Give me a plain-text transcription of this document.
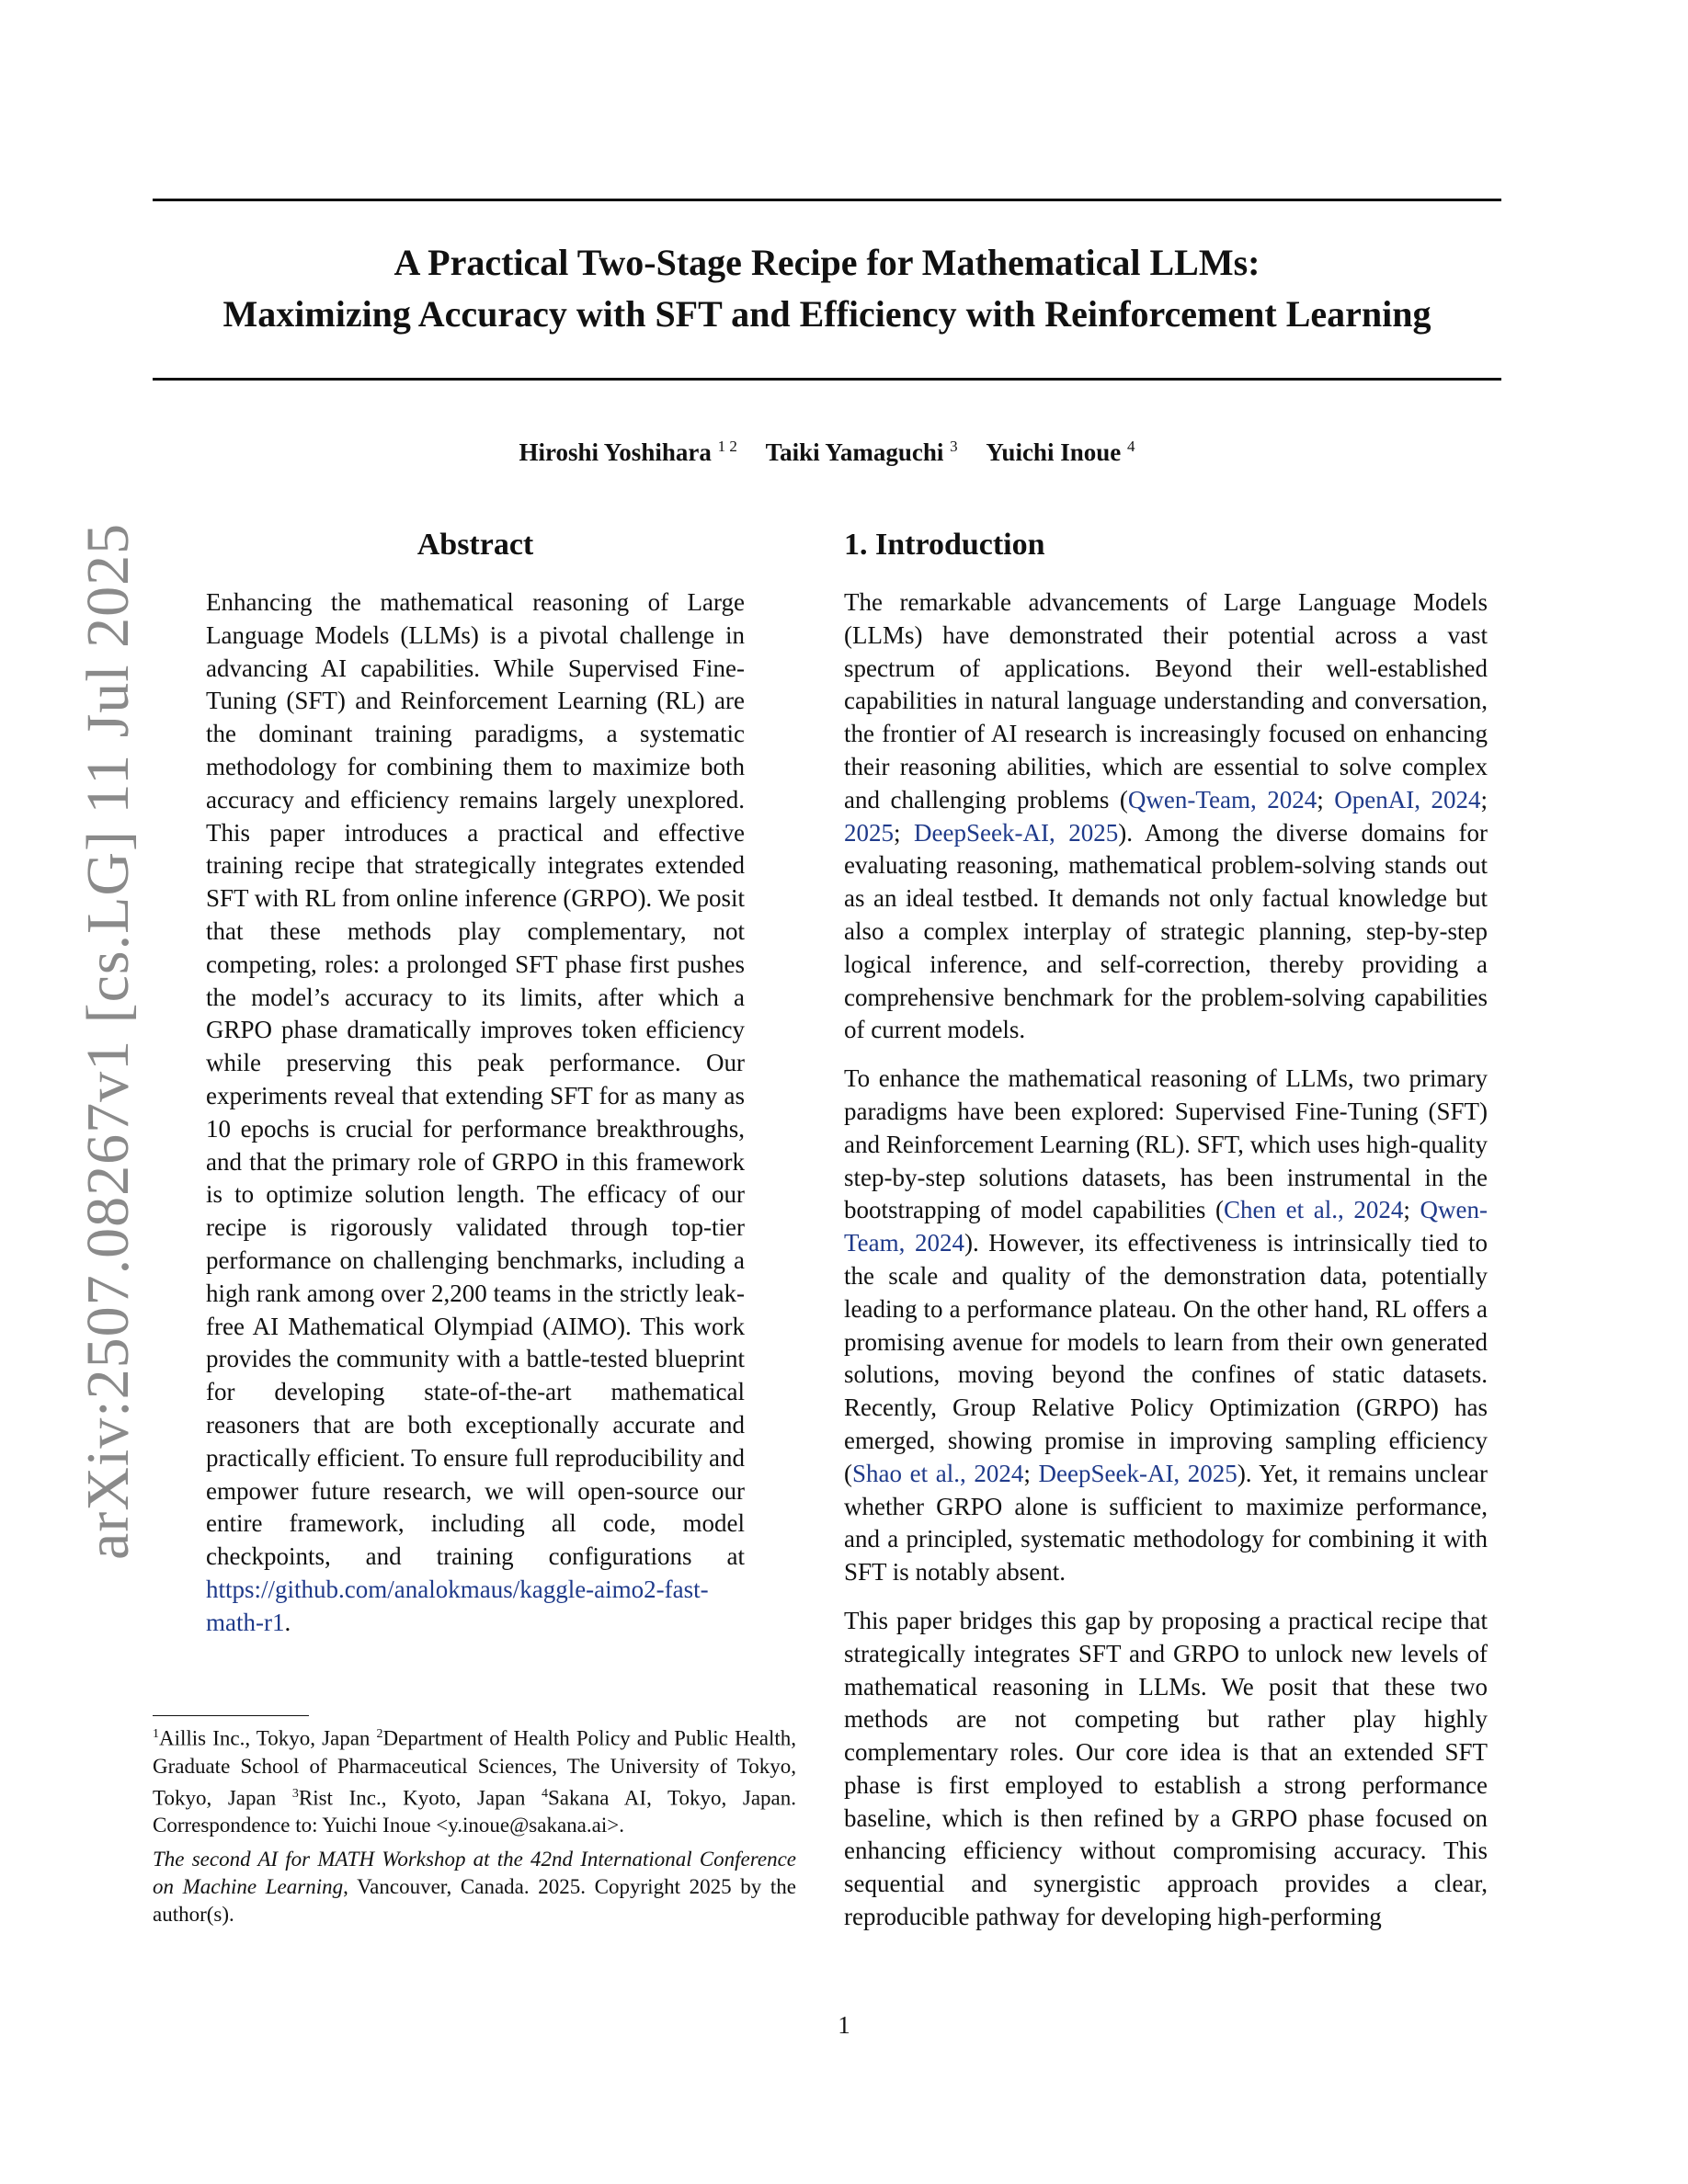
arXiv:2507.08267v1 [cs.LG] 11 Jul 2025
A Practical Two-Stage Recipe for Mathematical LLMs:
Maximizing Accuracy with SFT and Efficiency with Reinforcement Learning
Hiroshi Yoshihara $^{1 2}$ Taiki Yamaguchi $^3$ Yuichi Inoue $^4$
Abstract

Enhancing the mathematical reasoning of Large Language Models (LLMs) is a pivotal challenge in advancing AI capabilities. While Supervised Fine-Tuning (SFT) and Reinforcement Learning (RL) are the dominant training paradigms, a systematic methodology for combining them to maximize both accuracy and efficiency remains largely unexplored. This paper introduces a practical and effective training recipe that strategically integrates extended SFT with RL from online inference (GRPO). We posit that these methods play complementary, not competing, roles: a prolonged SFT phase first pushes the model’s accuracy to its limits, after which a GRPO phase dramatically improves token efficiency while preserving this peak performance. Our experiments reveal that extending SFT for as many as 10 epochs is crucial for performance breakthroughs, and that the primary role of GRPO in this framework is to optimize solution length. The efficacy of our recipe is rigorously validated through top-tier performance on challenging benchmarks, including a high rank among over 2,200 teams in the strictly leak-free AI Mathematical Olympiad (AIMO). This work provides the community with a battle-tested blueprint for developing state-of-the-art mathematical reasoners that are both exceptionally accurate and practically efficient. To ensure full reproducibility and empower future research, we will open-source our entire framework, including all code, model checkpoints, and training configurations at https://github.com/analokmaus/kaggle-aimo2-fast-math-r1.

$^1$Aillis Inc., Tokyo, Japan $^2$Department of Health Policy and Public Health, Graduate School of Pharmaceutical Sciences, The University of Tokyo, Tokyo, Japan $^3$Rist Inc., Kyoto, Japan $^4$Sakana AI, Tokyo, Japan. Correspondence to: Yuichi Inoue <y.inoue@sakana.ai>.
The second AI for MATH Workshop at the 42nd International Conference on Machine Learning, Vancouver, Canada. 2025. Copyright 2025 by the author(s).
1. Introduction

The remarkable advancements of Large Language Models (LLMs) have demonstrated their potential across a vast spectrum of applications. Beyond their well-established capabilities in natural language understanding and conversation, the frontier of AI research is increasingly focused on enhancing their reasoning abilities, which are essential to solve complex and challenging problems (Qwen-Team, 2024; OpenAI, 2024; 2025; DeepSeek-AI, 2025). Among the diverse domains for evaluating reasoning, mathematical problem-solving stands out as an ideal testbed. It demands not only factual knowledge but also a complex interplay of strategic planning, step-by-step logical inference, and self-correction, thereby providing a comprehensive benchmark for the problem-solving capabilities of current models.

To enhance the mathematical reasoning of LLMs, two primary paradigms have been explored: Supervised Fine-Tuning (SFT) and Reinforcement Learning (RL). SFT, which uses high-quality step-by-step solutions datasets, has been instrumental in the bootstrapping of model capabilities (Chen et al., 2024; Qwen-Team, 2024). However, its effectiveness is intrinsically tied to the scale and quality of the demonstration data, potentially leading to a performance plateau. On the other hand, RL offers a promising avenue for models to learn from their own generated solutions, moving beyond the confines of static datasets. Recently, Group Relative Policy Optimization (GRPO) has emerged, showing promise in improving sampling efficiency (Shao et al., 2024; DeepSeek-AI, 2025). Yet, it remains unclear whether GRPO alone is sufficient to maximize performance, and a principled, systematic methodology for combining it with SFT is notably absent.

This paper bridges this gap by proposing a practical recipe that strategically integrates SFT and GRPO to unlock new levels of mathematical reasoning in LLMs. We posit that these two methods are not competing but rather play highly complementary roles. Our core idea is that an extended SFT phase is first employed to establish a strong performance baseline, which is then refined by a GRPO phase focused on enhancing efficiency without compromising accuracy. This sequential and synergistic approach provides a clear, reproducible pathway for developing high-performing

1
